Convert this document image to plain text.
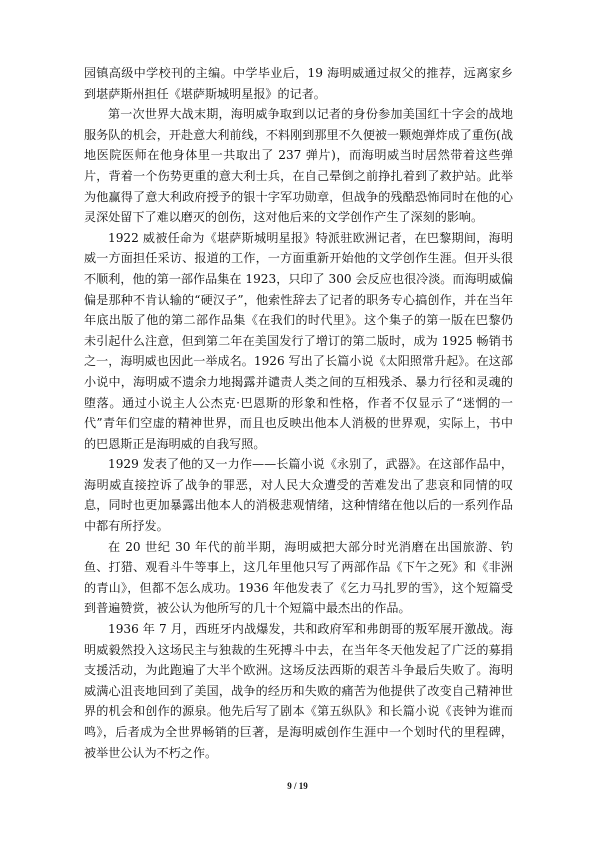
园镇高级中学校刊的主编。中学毕业后，19 海明威通过叔父的推荐，远离家乡到堪萨斯州担任《堪萨斯城明星报》的记者。

第一次世界大战末期，海明威争取到以记者的身份参加美国红十字会的战地服务队的机会，开赴意大利前线，不料刚到那里不久便被一颗炮弹炸成了重伤(战地医院医师在他身体里一共取出了 237 弹片)，而海明威当时居然带着这些弹片，背着一个伤势更重的意大利士兵，在自己晕倒之前挣扎着到了救护站。此举为他赢得了意大利政府授予的银十字军功勋章，但战争的残酷恐怖同时在他的心灵深处留下了难以磨灭的创伤，这对他后来的文学创作产生了深刻的影响。

1922 威被任命为《堪萨斯城明星报》特派驻欧洲记者，在巴黎期间，海明威一方面担任采访、报道的工作，一方面重新开始他的文学创作生涯。但开头很不顺利，他的第一部作品集在 1923，只印了 300 会反应也很冷淡。而海明威偏偏是那种不肯认输的“硬汉子”，他索性辞去了记者的职务专心搞创作，并在当年年底出版了他的第二部作品集《在我们的时代里》。这个集子的第一版在巴黎仍未引起什么注意，但到第二年在美国发行了增订的第二版时，成为 1925 畅销书之一，海明威也因此一举成名。1926 写出了长篇小说《太阳照常升起》。在这部小说中，海明威不遗余力地揭露并谴责人类之间的互相残杀、暴力行径和灵魂的堕落。通过小说主人公杰克·巴恩斯的形象和性格，作者不仅显示了“迷惘的一代”青年们空虚的精神世界，而且也反映出他本人消极的世界观，实际上，书中的巴恩斯正是海明威的自我写照。

1929 发表了他的又一力作——长篇小说《永别了，武器》。在这部作品中，海明威直接控诉了战争的罪恶，对人民大众遭受的苦难发出了悲哀和同情的叹息，同时也更加暴露出他本人的消极悲观情绪，这种情绪在他以后的一系列作品中都有所抒发。

在 20 世纪 30 年代的前半期，海明威把大部分时光消磨在出国旅游、钓鱼、打猎、观看斗牛等事上，这几年里他只写了两部作品《下午之死》和《非洲的青山》，但都不怎么成功。1936 年他发表了《乞力马扎罗的雪》，这个短篇受到普遍赞赏，被公认为他所写的几十个短篇中最杰出的作品。

1936 年 7 月，西班牙内战爆发，共和政府军和弗朗哥的叛军展开激战。海明威毅然投入这场民主与独裁的生死搏斗中去，在当年冬天他发起了广泛的募捐支援活动，为此跑遍了大半个欧洲。这场反法西斯的艰苦斗争最后失败了。海明威满心沮丧地回到了美国，战争的经历和失败的痛苦为他提供了改变自己精神世界的机会和创作的源泉。他先后写了剧本《第五纵队》和长篇小说《丧钟为谁而鸣》，后者成为全世界畅销的巨著，是海明威创作生涯中一个划时代的里程碑，被举世公认为不朽之作。

9 / 19
